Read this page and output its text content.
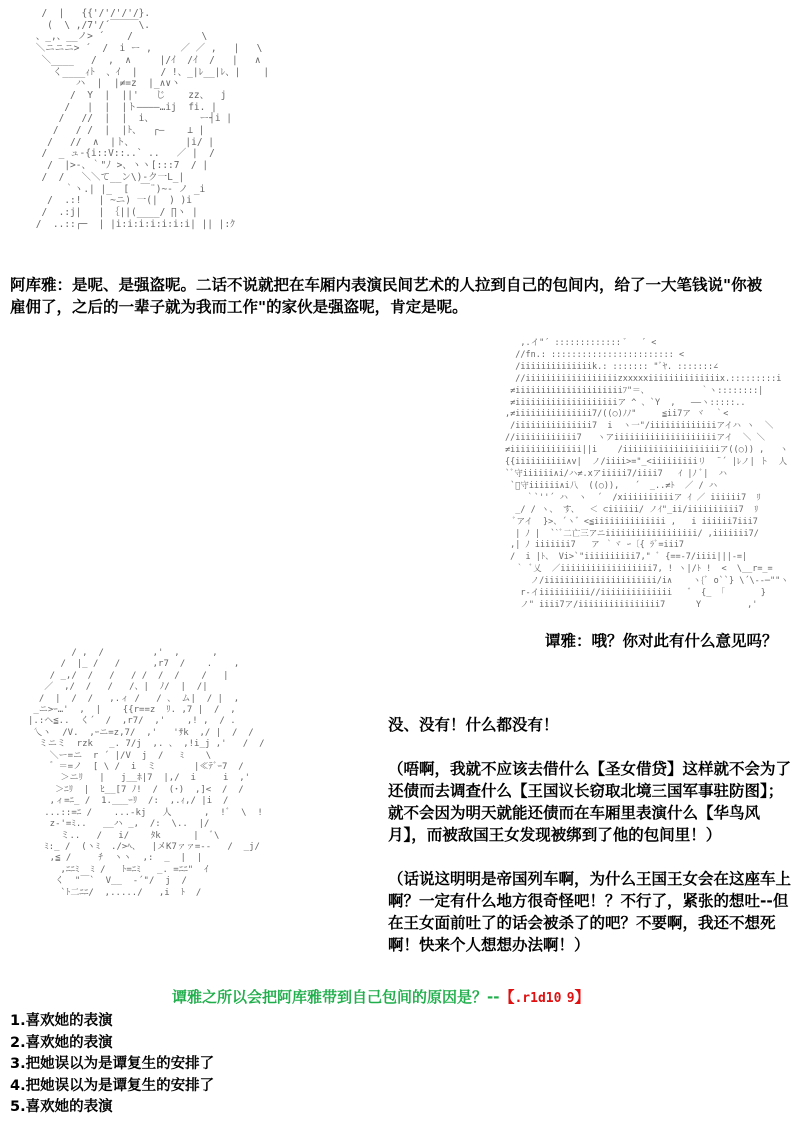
/  |   {{'/'/'/'/}.
(  \ ,/7'/´￣￣￣\.
、_,、__ノ> ´    /            \
＼ニニニ> ´  /  i ー ,     ／ ／ ,   |   \
＼____   /  ,  ∧     |/ｲ  /ｲ  /   |   ∧
く____ｨﾄ  、ｲ  |    / !、_|ﾚ__|ﾚ、|    |
ハ  |  |≠=z  |_∧∨ヽ
/  Y  |  ||'   じ    zz、  j
/   |  |  |ト――――…ij  fi. |
/   //  |  |  i、        ー┤i |
/   / /  |  |ﾄ、  ┌―    ⊥ |
/   //  ∧  |ト、         |i/ |
/  _ ュ-{i::V::..` ..   ／ |  /
/  |>‐、｀"ﾉ >、ヽヽ[:::7  / |
/  /   ＼＼て__ン\)-ク一L_|
｀ヽ.| |_  [  ￣¨)~‐ ノ _i
/  .:!   | ~ニ) 一(|  ) )i
/  .:j|   | ｛||(____/ ∏ヽ |
/  ..::┌─  | |i:i:i:i:i:i:i| || |:ｸ
阿库雅：是呢、是强盗呢。二话不说就把在车厢内表演民间艺术的人拉到自己的包间内，给了一大笔钱说"你被
雇佣了，之后的一辈子就为我而工作"的家伙是强盗呢，肯定是呢。
,.イ"´ ::::::::::::: ﾞ￣ ´ <
//fn.: :::::::::::::::::::::::: <
/iiiiiiiiiiiiiik.: ::::::: "ﾞﾔ. :::::::∠
//iiiiiiiiiiiiiiiiiizxxxxxiiiiiiiiiiiiiix.:::::::::i
≠iiiiiiiiiiiiiiiiiiiiiﾌ"＝、          ｀ヽ::::::::|
≠iiiiiiiiiiiiiiiiiiiiア ^ 、`Y  ,   ――ヽ:::::..
,≠iiiiiiiiiiiiiii7/((○)ﾉﾉ"     ≦ii7ア ヾ  ｀<
/iiiiiiiiiiiiiii7  i  ヽ一"/iiiiiiiiiiiiiアイハ ヽ  ＼
//iiiiiiiiiiii7   ヽアiiiiiiiiiiiiiiiiiiiiアイ  ＼ ＼
≠iiiiiiiiiiiiii||i    /iiiiiiiiiiiiiiiiiiiア((○)) ,   ヽ
{{iiiiiiiiii∧v|  ノ/iiii>="_<iiiiiiiiiリ  ¨´ |ﾚノ| ト  人
`ﾞ守iiiiii∧i/ハ≠.xアiiiii7/iiii7   ｲ |ﾉ ﾞ|  ハ
`ﾞ守iiiiii∧i八  ((○)),   ´  _..≠ﾄ  ／ / ハ
｀`''´ ハ  ヽ  ´  /xiiiiiiiiiiア ｲ ／ iiiiii7  ﾘ
_/ / ヽ、 す、  ＜ ⊂iiiiii/ ノｲ"_ii/iiiiiiiiii7  ﾘ
ﾞアイ  }>、´ヽ゛<≦iiiiiiiiiiiiii ,   i iiiiii7iii7
| ﾉ |  ``ﾞ二亡三アニiiiiiiiiiiiiiiiiii/ ,iiiiiii7/
,| ﾉ iiiiiii7   ア ｀ヾ ｰ〔{ ﾗﾞ=iii7
/  i |ﾄ、 Vi>`"iiiiiiiiii7," ﾞ {==‐7/iiii|||‐=|
｀ ﾞ乂  ／iiiiiiiiiiiiiiiiii7, ! ヽ|/ﾄ !  <  \__r=_=
ノ/iiiiiiiiiiiiiiiiiiiiii/i∧    ヽ{ﾞ o``} \´\‐‐─""ヽ
r-イiiiiiiiiii//iiiiiiiiiiiiii   ゛ {_ 「       }
ノ" iiii7ア/iiiiiiiiiiiiiiii7      Y         ,'
谭雅：哦？你对此有什么意见吗？
/ ,  /         ,'  ,      ,
/  |_ /   /      ,r7  /    .    ,
/ _,/  /   /   / /  /  /    /   |
／  ,/  /   /   /、|  ﾉ/  |  /|
/  |  /  /   ,.ィ /   / 、 ム|  / |  ,
_ニ>ｰ…'  ,  |    {{r==z  ﾘ. ,7 |  /  ,
|.:ヘ≦..  く´  /  ,r7/  ,'    ,! ,  / .
乀ヽ  /V.  ,ｰニ=z,7/  ,'   'ｻk  ,/ |  /  /
ミニミ  rzk   _. 7/j  ,. 、 ,!i_j ,'   /  /
＼ー=ニ  r ´ |/V  j  /   ﾐ    \
゛＝=ノ  [ \ /  i  ミ       |≪ﾃﾞｰ7  /
＞ニﾘ   |   j__ﾎ|7  |,/  i     i  ,'
＞ﾆﾘ  |  ﾋ__[7 ﾉ!  /  (･)  ,]<  /  /
,ィ=ﾆ_ /  1.___ｰﾘ  /:  ,.ｨ,/ |i  /
...::=ﾆ /    ...-kj   人      ,  !ﾞ  \  !
z‐'=ﾐ..   __ハ _,  /:  \..  |/
ミ..   /   i/    ﾀk      |  ﾞ\
ﾐ:_ /  (ヽﾐ  ./>ﾍ、  |メK7ァァ=‐-   /  _j/
,≦ /     ﾁ  ヽヽ  ,:  _  |  |
,ﾆﾆﾐ  ﾐ /   ﾄ=ﾆﾐ   _. =ﾆﾆ"  ｲ
く  "￣`  V__  ‐´"/  j  /
`ﾄ二ﾆﾆ/  ,...../   ,i  ﾄ  /
没、没有！什么都没有！
（唔啊，我就不应该去借什么【圣女借贷】这样就不会为了还债而去调查什么【王国议长窃取北境三国军事驻防图】；就不会因为明天就能还债而在车厢里表演什么【华鸟风月】，而被敌国王女发现被绑到了他的包间里！）
（话说这明明是帝国列车啊，为什么王国王女会在这座车上啊？一定有什么地方很奇怪吧！？不行了，紧张的想吐--但在王女面前吐了的话会被杀了的吧？不要啊，我还不想死啊！快来个人想想办法啊！）
谭雅之所以会把阿库雅带到自己包间的原因是？--【.r1d10 9】
1.喜欢她的表演
2.喜欢她的表演
3.把她误以为是谭复生的安排了
4.把她误以为是谭复生的安排了
5.喜欢她的表演
